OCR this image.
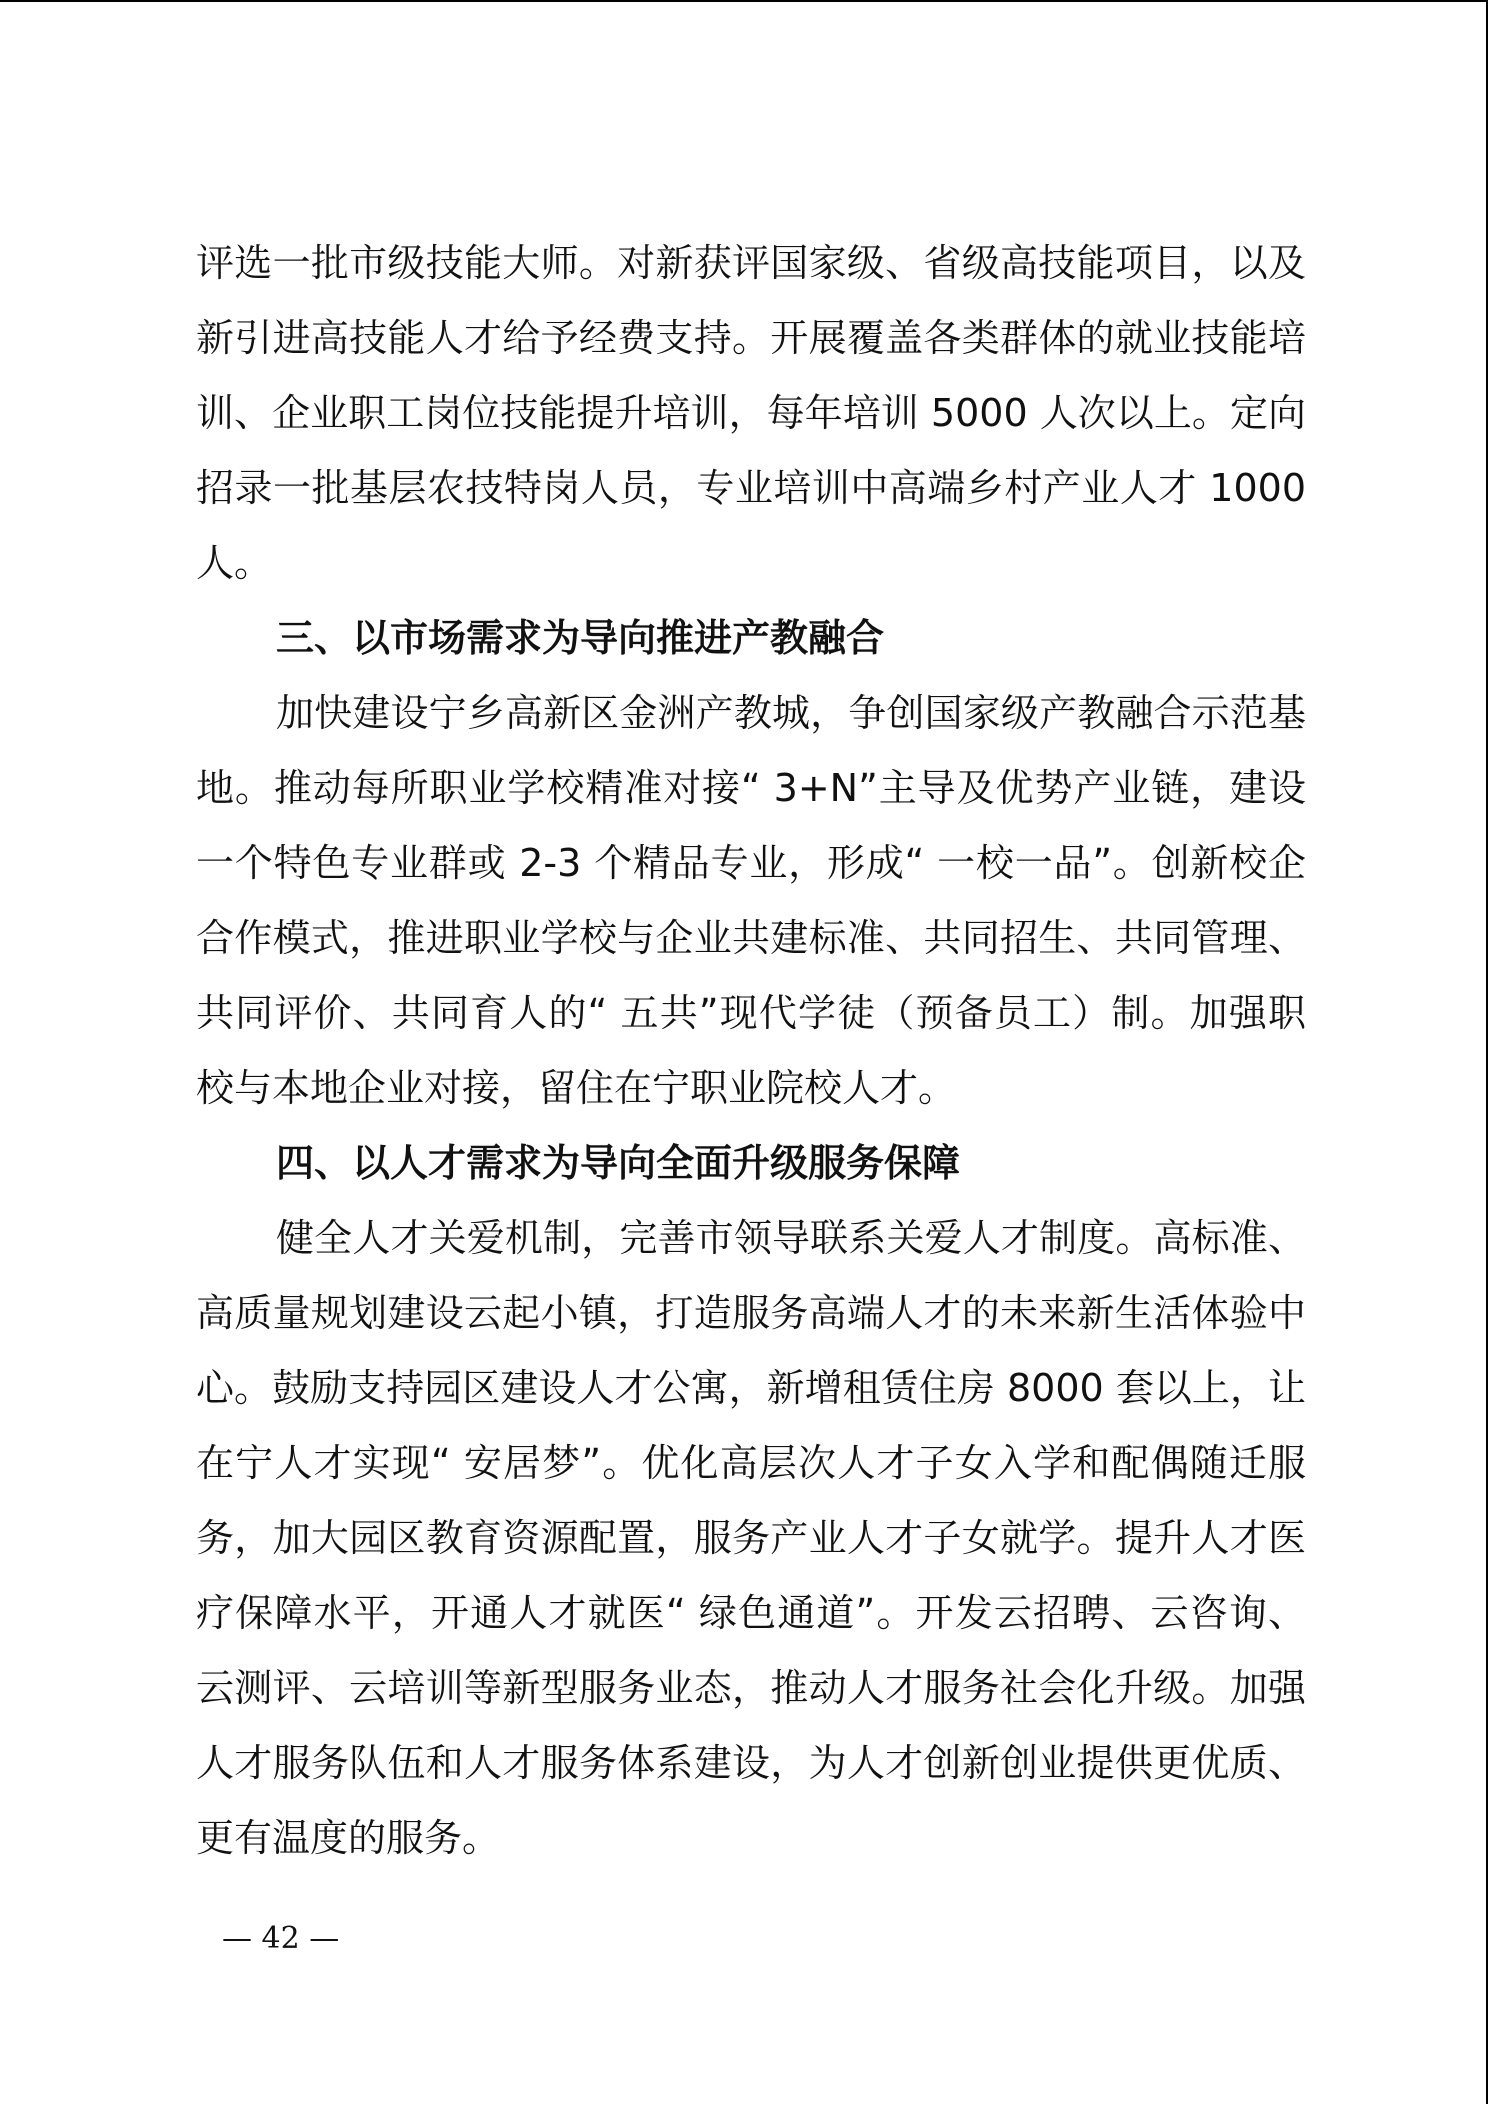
评选一批市级技能大师。对新获评国家级、省级高技能项目，以及新引进高技能人才给予经费支持。开展覆盖各类群体的就业技能培训、企业职工岗位技能提升培训，每年培训 5000 人次以上。定向招录一批基层农技特岗人员，专业培训中高端乡村产业人才 1000 人。

三、以市场需求为导向推进产教融合

加快建设宁乡高新区金洲产教城，争创国家级产教融合示范基地。推动每所职业学校精准对接“ 3+N”主导及优势产业链，建设一个特色专业群或 2-3 个精品专业，形成“ 一校一品”。创新校企合作模式，推进职业学校与企业共建标准、共同招生、共同管理、共同评价、共同育人的“ 五共”现代学徒（预备员工）制。加强职校与本地企业对接，留住在宁职业院校人才。

四、以人才需求为导向全面升级服务保障

健全人才关爱机制，完善市领导联系关爱人才制度。高标准、高质量规划建设云起小镇，打造服务高端人才的未来新生活体验中心。鼓励支持园区建设人才公寓，新增租赁住房 8000 套以上，让在宁人才实现“ 安居梦”。优化高层次人才子女入学和配偶随迁服务，加大园区教育资源配置，服务产业人才子女就学。提升人才医疗保障水平，开通人才就医“ 绿色通道”。开发云招聘、云咨询、云测评、云培训等新型服务业态，推动人才服务社会化升级。加强人才服务队伍和人才服务体系建设，为人才创新创业提供更优质、更有温度的服务。

— 42 —
